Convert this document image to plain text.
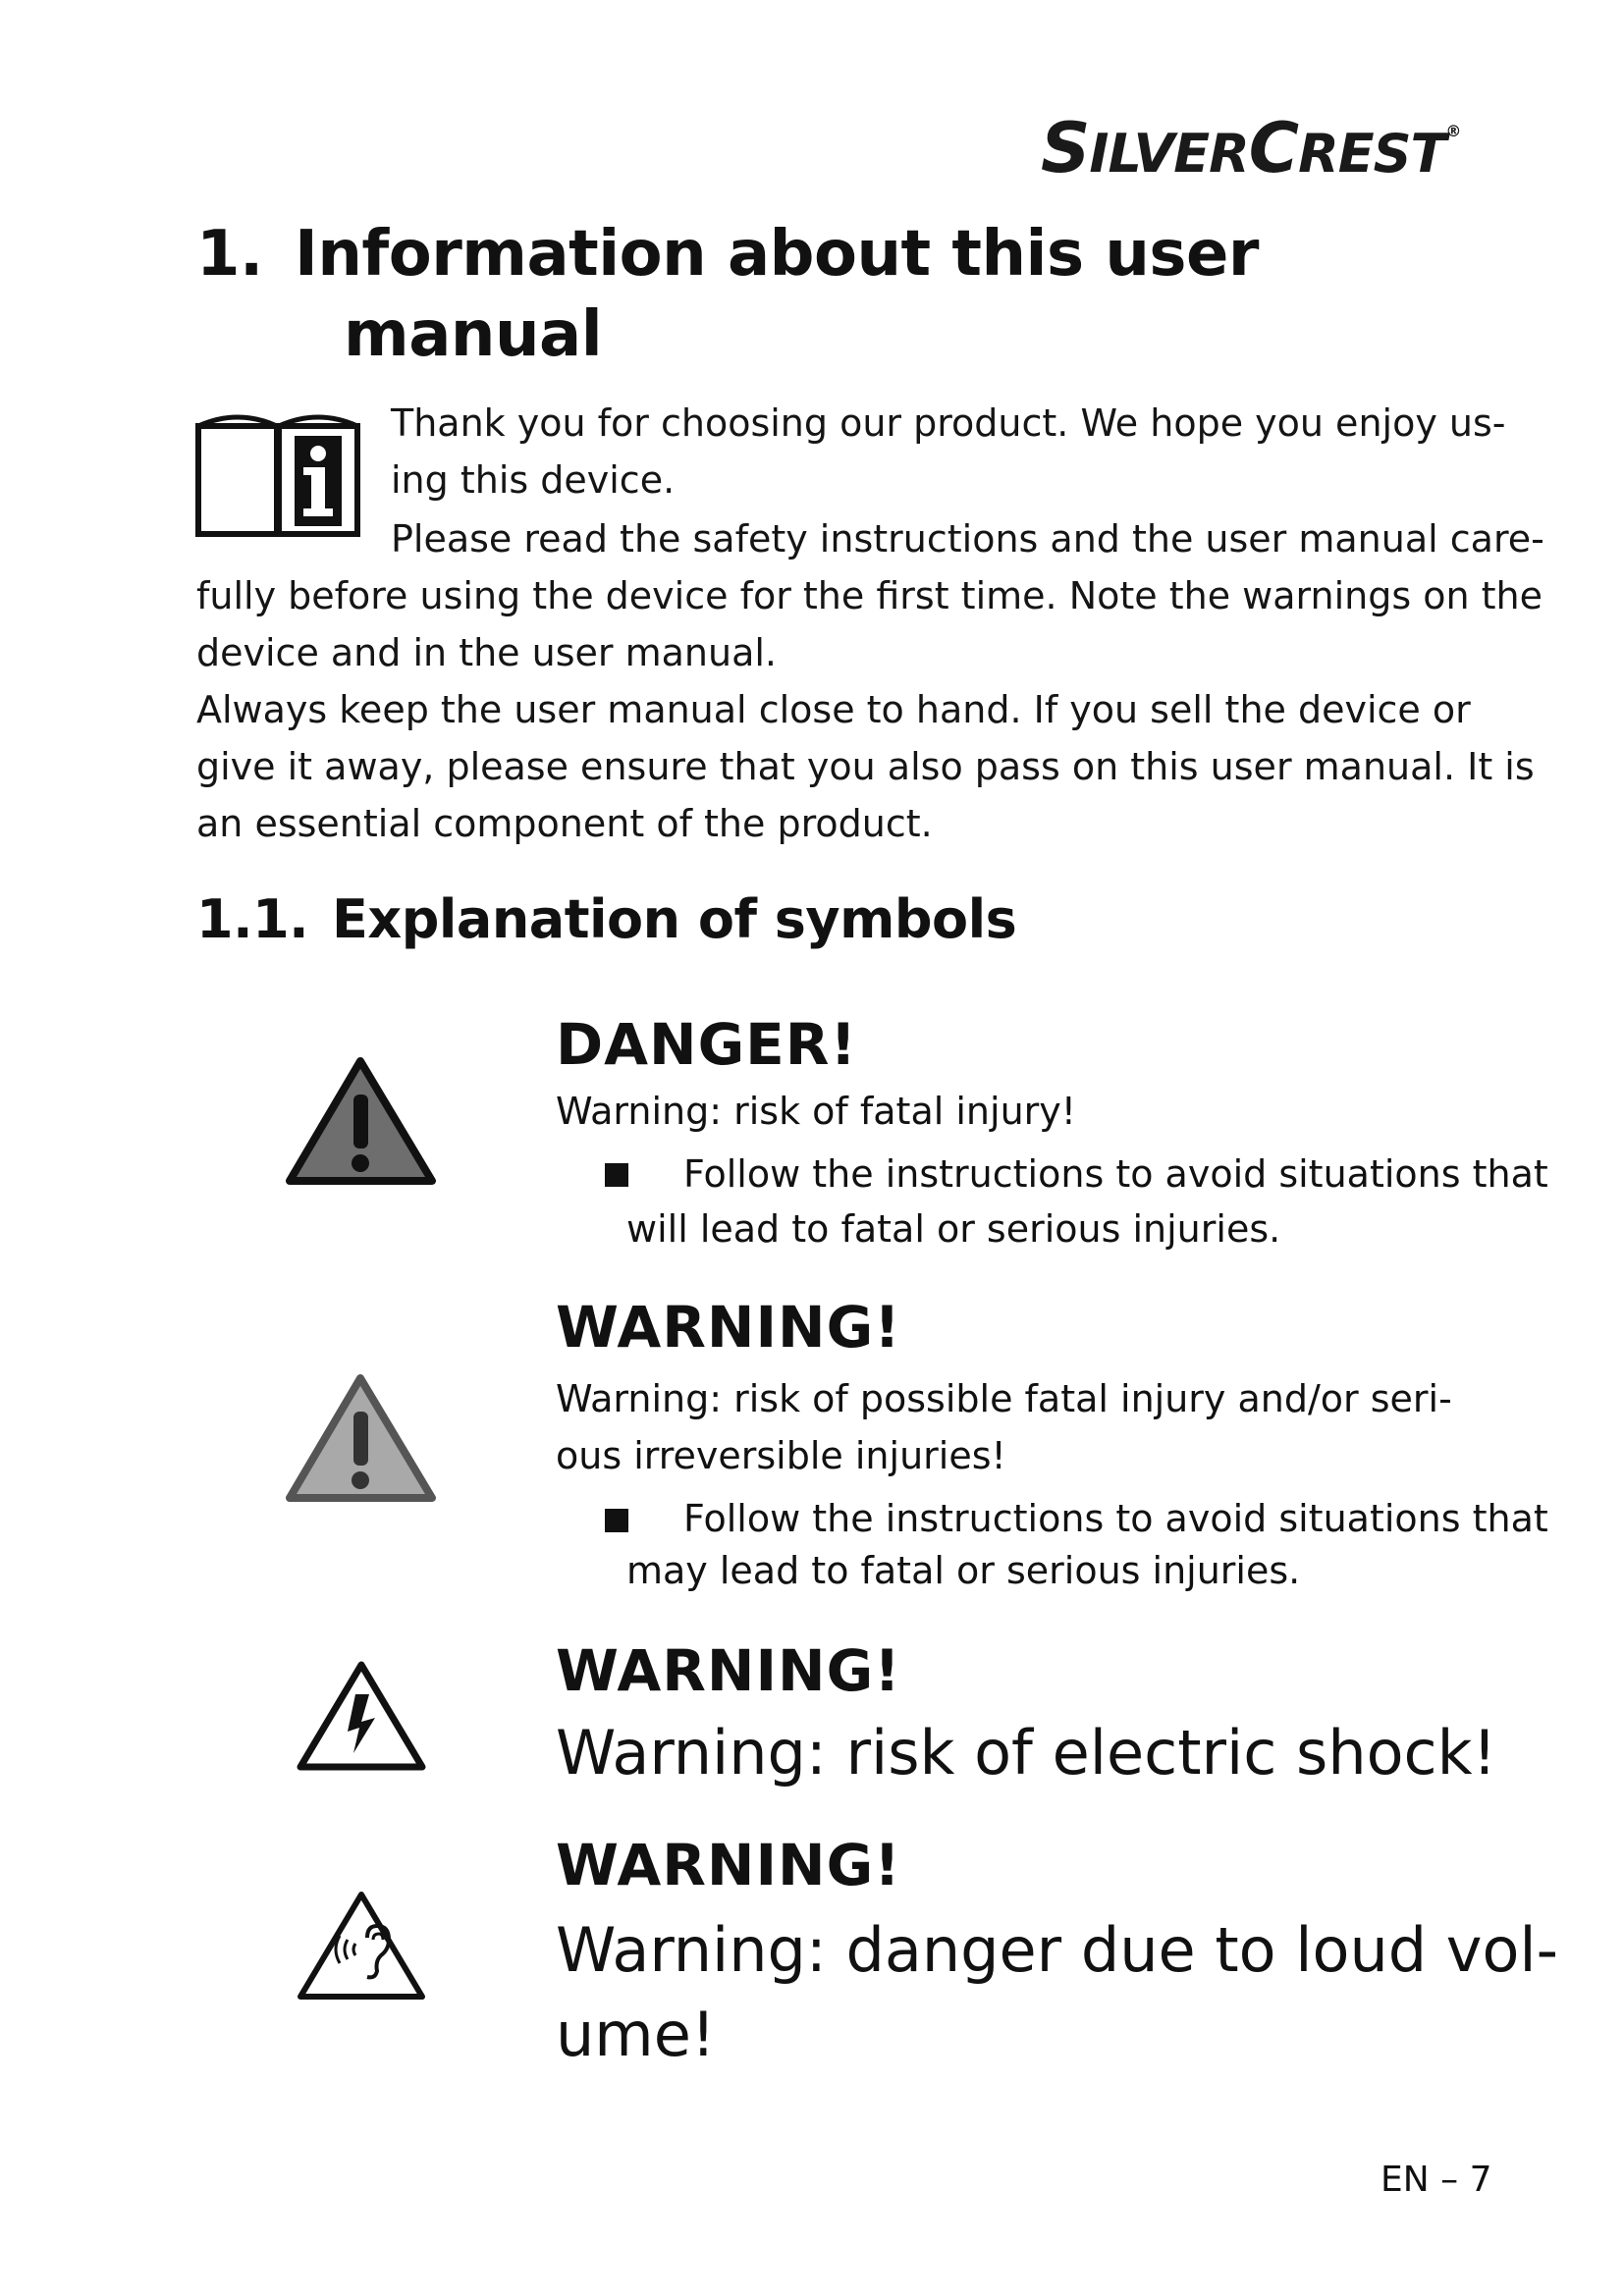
SILVERCREST®
1. Information about this user
manual
Thank you for choosing our product. We hope you enjoy us-
ing this device.
Please read the safety instructions and the user manual care-
fully before using the device for the first time. Note the warnings on the
device and in the user manual.
Always keep the user manual close to hand. If you sell the device or
give it away, please ensure that you also pass on this user manual. It is
an essential component of the product.
1.1. Explanation of symbols
DANGER!
Warning: risk of fatal injury!
Follow the instructions to avoid situations that
will lead to fatal or serious injuries.
WARNING!
Warning: risk of possible fatal injury and/or seri-
ous irreversible injuries!
Follow the instructions to avoid situations that
may lead to fatal or serious injuries.
WARNING!
Warning: risk of electric shock!
WARNING!
Warning: danger due to loud vol-
ume!
EN – 7
